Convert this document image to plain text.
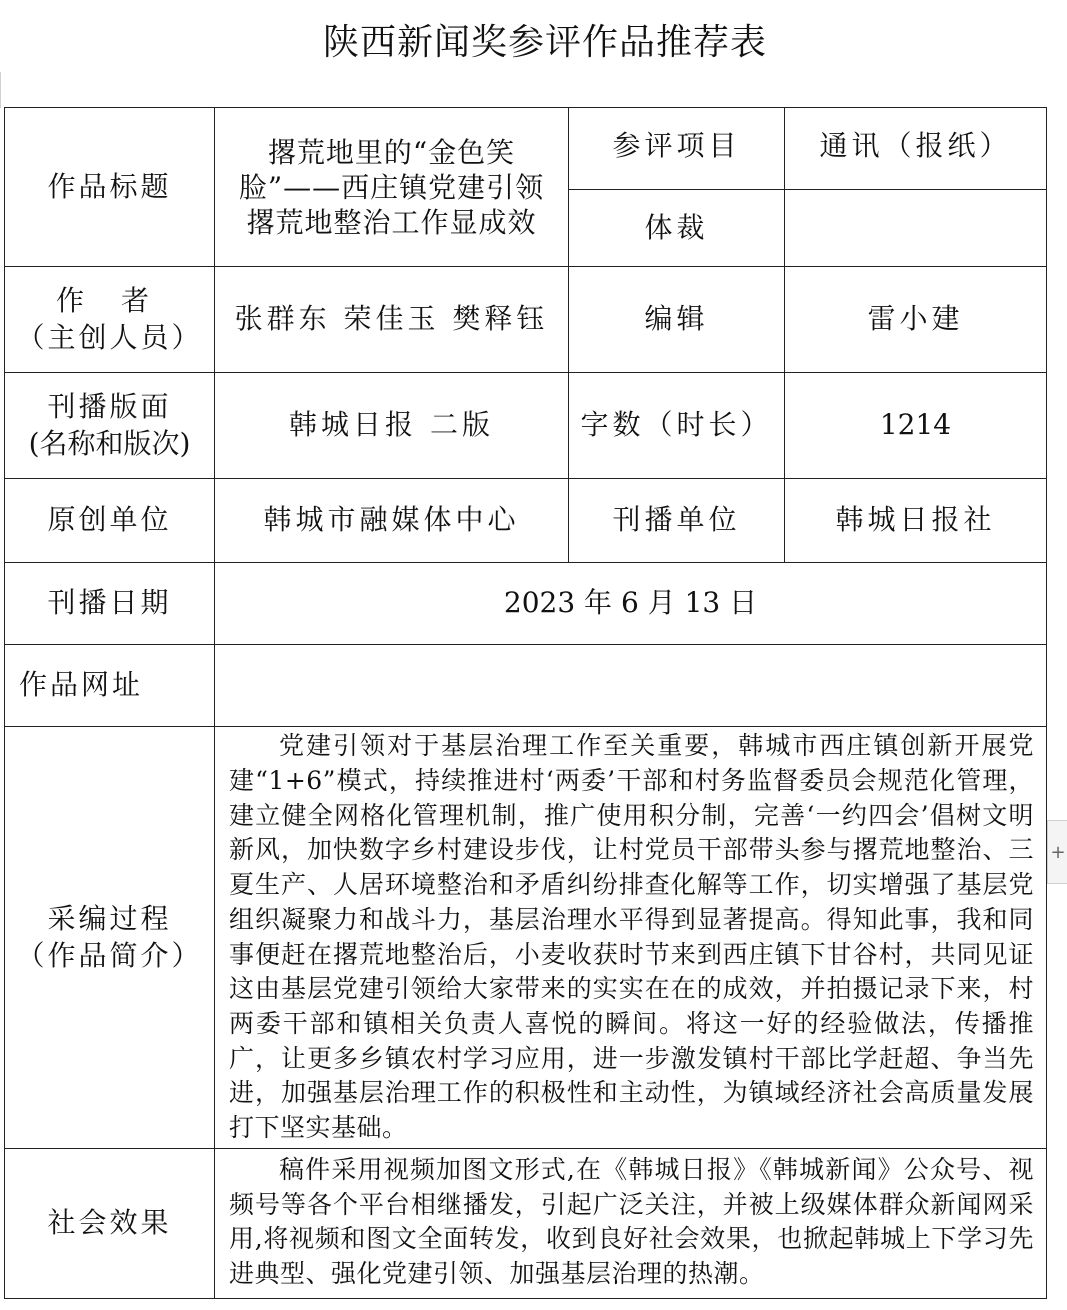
陕西新闻奖参评作品推荐表
作品标题	撂荒地里的“金色笑脸”——西庄镇党建引领撂荒地整治工作显成效	参评项目	通讯（报纸）
		体裁	

作 者
（主创人员）	张群东 荣佳玉 樊释钰	编辑	雷小建

刊播版面
(名称和版次)	韩城日报 二版	字数（时长）	1214
原创单位	韩城市融媒体中心	刊播单位	韩城日报社
刊播日期	2023 年 6 月 13 日		
作品网址			

采编过程
（作品简介）	党建引领对于基层治理工作至关重要，韩城市西庄镇创新开展党建“1+6”模式，持续推进村‘两委’干部和村务监督委员会规范化管理，建立健全网格化管理机制，推广使用积分制，完善‘一约四会’倡树文明新风，加快数字乡村建设步伐，让村党员干部带头参与撂荒地整治、三夏生产、人居环境整治和矛盾纠纷排查化解等工作，切实增强了基层党组织凝聚力和战斗力，基层治理水平得到显著提高。得知此事，我和同事便赶在撂荒地整治后，小麦收获时节来到西庄镇下甘谷村，共同见证这由基层党建引领给大家带来的实实在在的成效，并拍摄记录下来，村两委干部和镇相关负责人喜悦的瞬间。将这一好的经验做法，传播推广，让更多乡镇农村学习应用，进一步激发镇村干部比学赶超、争当先进，加强基层治理工作的积极性和主动性，为镇域经济社会高质量发展打下坚实基础。		

社会效果	稿件采用视频加图文形式,在《韩城日报》《韩城新闻》公众号、视频号等各个平台相继播发，引起广泛关注，并被上级媒体群众新闻网采用,将视频和图文全面转发，收到良好社会效果，也掀起韩城上下学习先进典型、强化党建引领、加强基层治理的热潮。		
+
